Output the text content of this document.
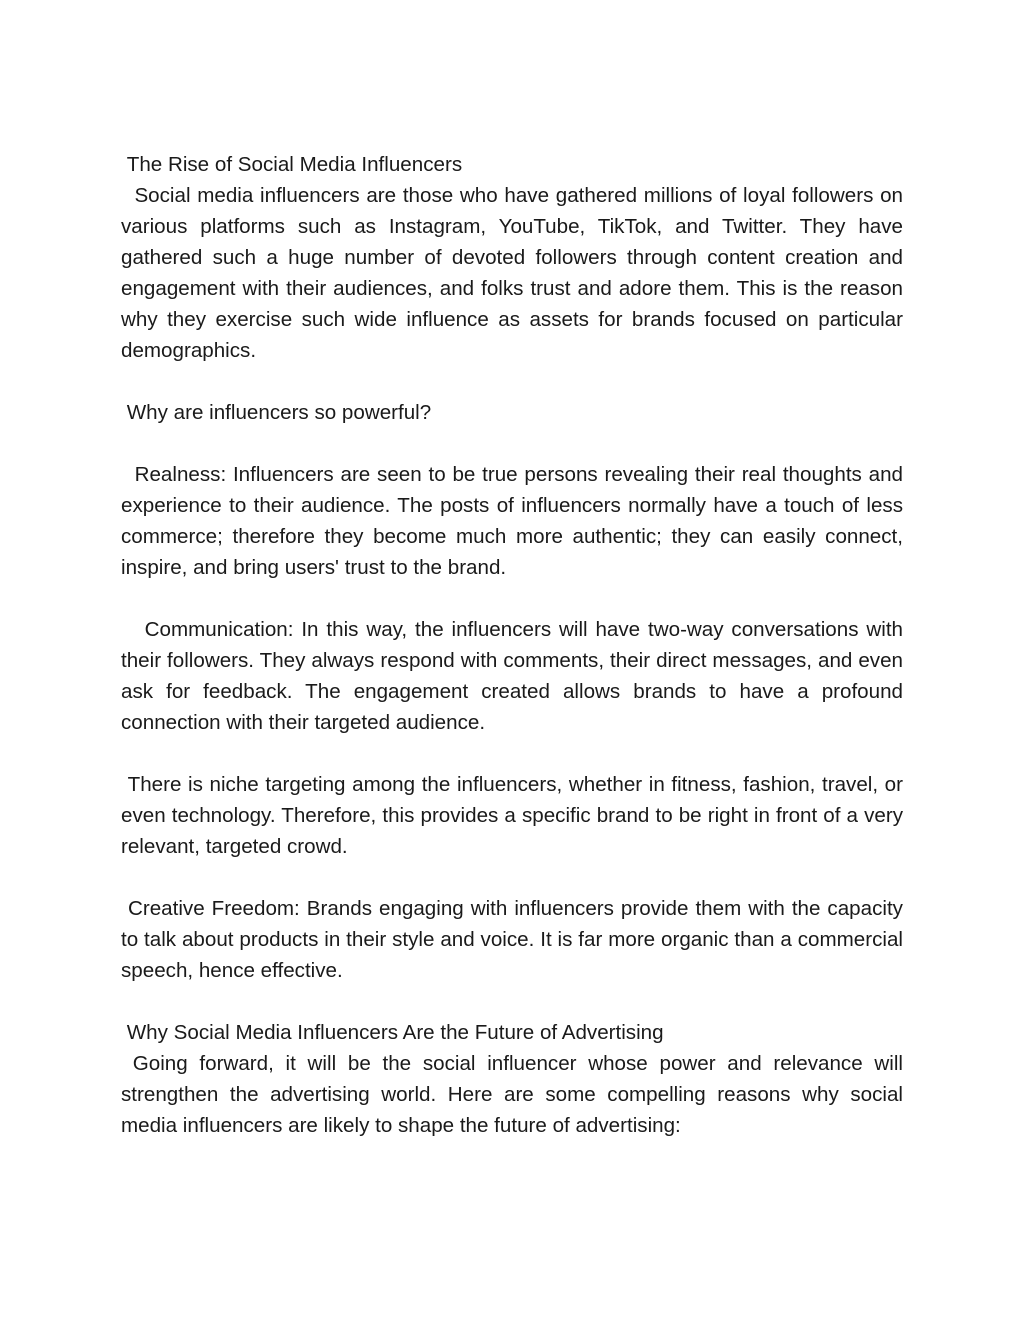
The Rise of Social Media Influencers

Social media influencers are those who have gathered millions of loyal followers on various platforms such as Instagram, YouTube, TikTok, and Twitter. They have gathered such a huge number of devoted followers through content creation and engagement with their audiences, and folks trust and adore them. This is the reason why they exercise such wide influence as assets for brands focused on particular demographics.

Why are influencers so powerful?

Realness: Influencers are seen to be true persons revealing their real thoughts and experience to their audience. The posts of influencers normally have a touch of less commerce; therefore they become much more authentic; they can easily connect, inspire, and bring users' trust to the brand.

Communication: In this way, the influencers will have two-way conversations with their followers. They always respond with comments, their direct messages, and even ask for feedback. The engagement created allows brands to have a profound connection with their targeted audience.

There is niche targeting among the influencers, whether in fitness, fashion, travel, or even technology. Therefore, this provides a specific brand to be right in front of a very relevant, targeted crowd.

Creative Freedom: Brands engaging with influencers provide them with the capacity to talk about products in their style and voice. It is far more organic than a commercial speech, hence effective.

Why Social Media Influencers Are the Future of Advertising

Going forward, it will be the social influencer whose power and relevance will strengthen the advertising world. Here are some compelling reasons why social media influencers are likely to shape the future of advertising:
